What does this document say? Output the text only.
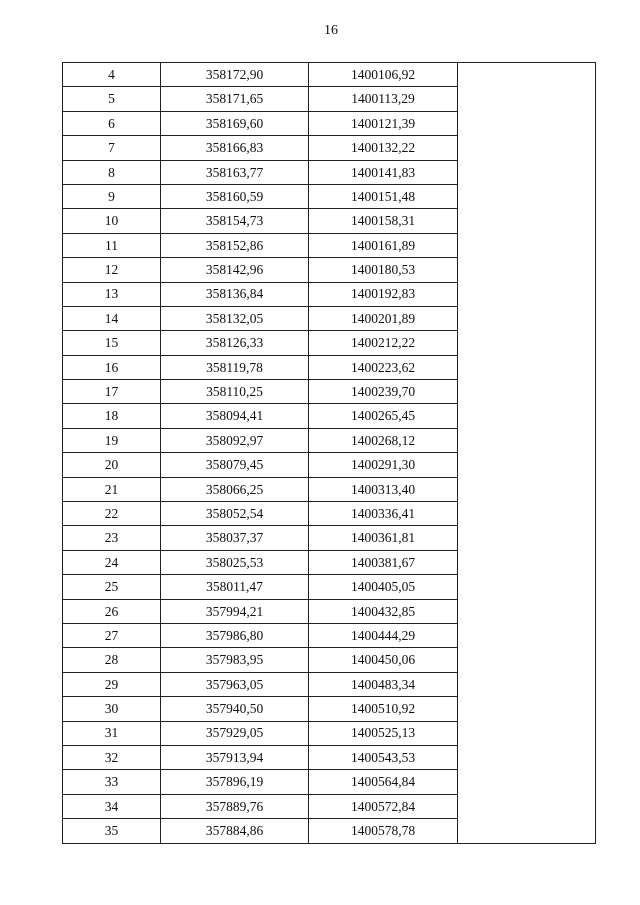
16
4	358172,90	1400106,92	
5	358171,65	1400113,29	
6	358169,60	1400121,39	
7	358166,83	1400132,22	
8	358163,77	1400141,83	
9	358160,59	1400151,48	
10	358154,73	1400158,31	
11	358152,86	1400161,89	
12	358142,96	1400180,53	
13	358136,84	1400192,83	
14	358132,05	1400201,89	
15	358126,33	1400212,22	
16	358119,78	1400223,62	
17	358110,25	1400239,70	
18	358094,41	1400265,45	
19	358092,97	1400268,12	
20	358079,45	1400291,30	
21	358066,25	1400313,40	
22	358052,54	1400336,41	
23	358037,37	1400361,81	
24	358025,53	1400381,67	
25	358011,47	1400405,05	
26	357994,21	1400432,85	
27	357986,80	1400444,29	
28	357983,95	1400450,06	
29	357963,05	1400483,34	
30	357940,50	1400510,92	
31	357929,05	1400525,13	
32	357913,94	1400543,53	
33	357896,19	1400564,84	
34	357889,76	1400572,84	
35	357884,86	1400578,78	
